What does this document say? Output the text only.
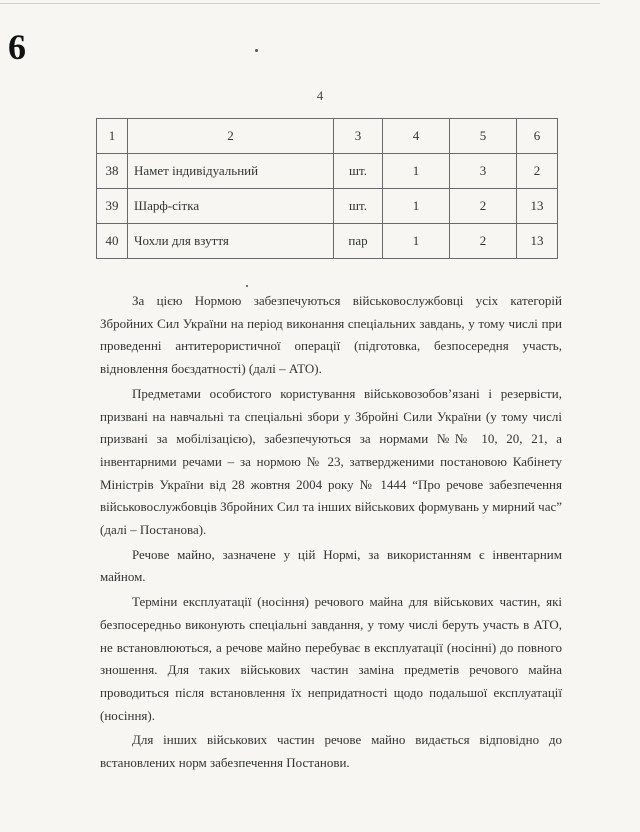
6
4
1	2	3	4	5	6
38	Намет індивідуальний	шт.	1	3	2
39	Шарф-сітка	шт.	1	2	13
40	Чохли для взуття	пар	1	2	13

За цією Нормою забезпечуються військовослужбовці усіх категорій Збройних Сил України на період виконання спеціальних завдань, у тому числі при проведенні антитерористичної операції (підготовка, безпосередня участь, відновлення боєздатності) (далі – АТО).

Предметами особистого користування військовозобов’язані і резервісти, призвані на навчальні та спеціальні збори у Збройні Сили України (у тому числі призвані за мобілізацією), забезпечуються за нормами №№ 10, 20, 21, а інвентарними речами – за нормою № 23, затвердженими постановою Кабінету Міністрів України від 28 жовтня 2004 року № 1444 “Про речове забезпечення військовослужбовців Збройних Сил та інших військових формувань у мирний час” (далі – Постанова).

Речове майно, зазначене у цій Нормі, за використанням є інвентарним майном.

Терміни експлуатації (носіння) речового майна для військових частин, які безпосередньо виконують спеціальні завдання, у тому числі беруть участь в АТО, не встановлюються, а речове майно перебуває в експлуатації (носінні) до повного зношення. Для таких військових частин заміна предметів речового майна проводиться після встановлення їх непридатності щодо подальшої експлуатації (носіння).

Для інших військових частин речове майно видається відповідно до встановлених норм забезпечення Постанови.
